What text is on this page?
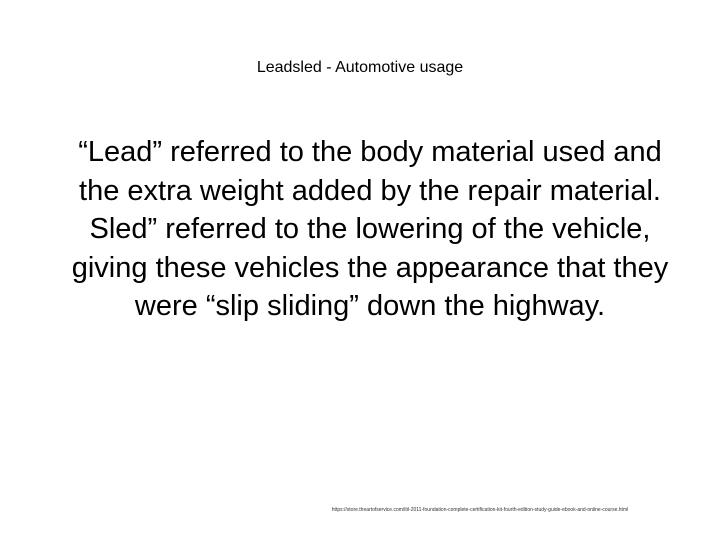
Leadsled - Automotive usage

“Lead” referred to the body material used and the extra weight added by the repair material. Sled” referred to the lowering of the vehicle, giving these vehicles the appearance that they were “slip sliding” down the highway.

https://store.theartofservice.com/itil-2011-foundation-complete-certification-kit-fourth-edition-study-guide-ebook-and-online-course.html
